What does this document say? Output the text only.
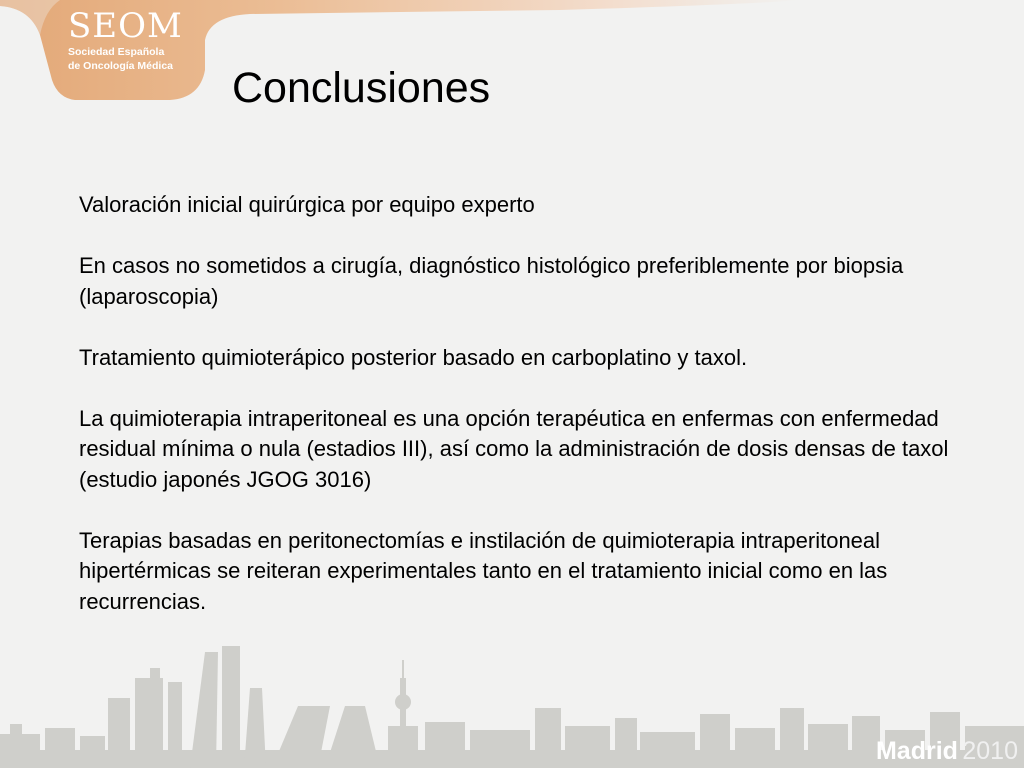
SEOM
Sociedad Española
de Oncología Médica Conclusiones

Valoración inicial quirúrgica por equipo experto

En casos no sometidos a cirugía, diagnóstico histológico preferiblemente por biopsia (laparoscopia)

Tratamiento quimioterápico posterior basado en carboplatino y taxol.

La quimioterapia intraperitoneal es una opción terapéutica en enfermas con enfermedad residual mínima o nula (estadios III), así como la administración de dosis densas de taxol (estudio japonés JGOG 3016)

Terapias basadas en peritonectomías e instilación de quimioterapia intraperitoneal hipertérmicas se reiteran experimentales tanto en el tratamiento inicial como en las recurrencias.

Madrid 2010
